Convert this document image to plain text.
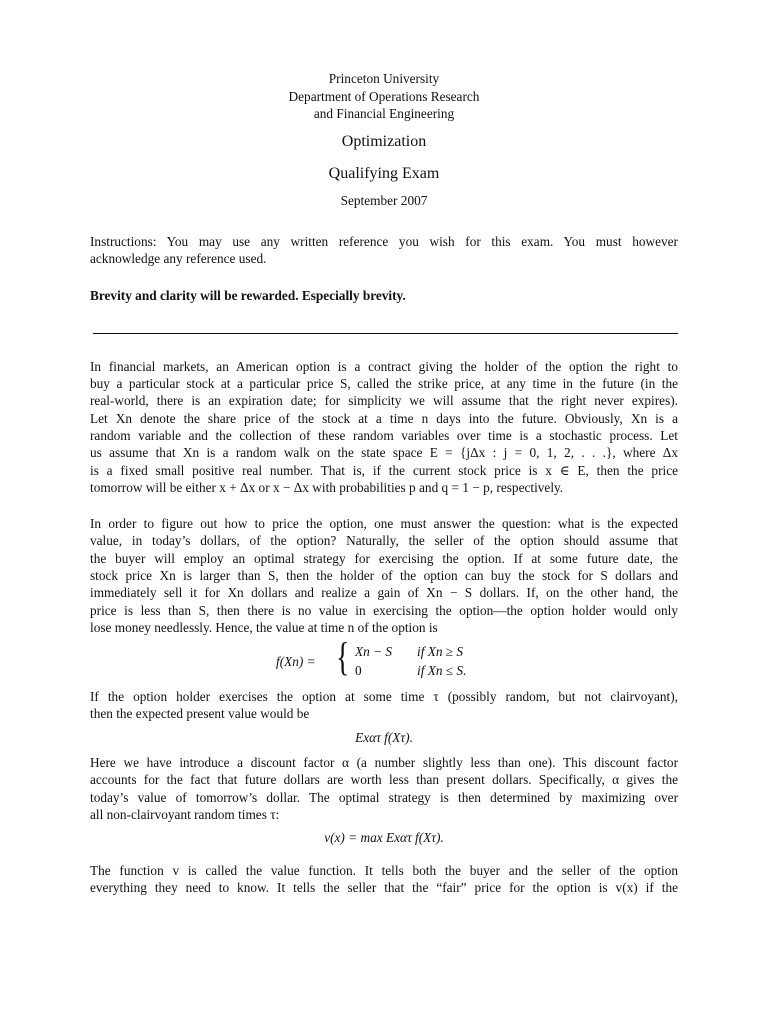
Princeton University
Department of Operations Research
and Financial Engineering
Optimization
Qualifying Exam
September 2007
Instructions: You may use any written reference you wish for this exam. You must however
acknowledge any reference used.
Brevity and clarity will be rewarded. Especially brevity.
In financial markets, an American option is a contract giving the holder of the option the right to
buy a particular stock at a particular price S, called the strike price, at any time in the future (in the
real-world, there is an expiration date; for simplicity we will assume that the right never expires).
Let Xn denote the share price of the stock at a time n days into the future. Obviously, Xn is a
random variable and the collection of these random variables over time is a stochastic process. Let
us assume that Xn is a random walk on the state space E = {jΔx : j = 0, 1, 2, . . .}, where Δx
is a fixed small positive real number. That is, if the current stock price is x ∈ E, then the price
tomorrow will be either x + Δx or x − Δx with probabilities p and q = 1 − p, respectively.
In order to figure out how to price the option, one must answer the question: what is the expected
value, in today’s dollars, of the option? Naturally, the seller of the option should assume that
the buyer will employ an optimal strategy for exercising the option. If at some future date, the
stock price Xn is larger than S, then the holder of the option can buy the stock for S dollars and
immediately sell it for Xn dollars and realize a gain of Xn − S dollars. If, on the other hand, the
price is less than S, then there is no value in exercising the option—the option holder would only
lose money needlessly. Hence, the value at time n of the option is
f(Xn) = { Xn − S if Xn ≥ S
0	if Xn ≤ S.
If the option holder exercises the option at some time τ (possibly random, but not clairvoyant),
then the expected present value would be
Exατ f(Xτ).
Here we have introduce a discount factor α (a number slightly less than one). This discount factor
accounts for the fact that future dollars are worth less than present dollars. Specifically, α gives the
today’s value of tomorrow’s dollar. The optimal strategy is then determined by maximizing over
all non-clairvoyant random times τ:
v(x) = max Exατ f(Xτ).
The function v is called the value function. It tells both the buyer and the seller of the option
everything they need to know. It tells the seller that the “fair” price for the option is v(x) if the
